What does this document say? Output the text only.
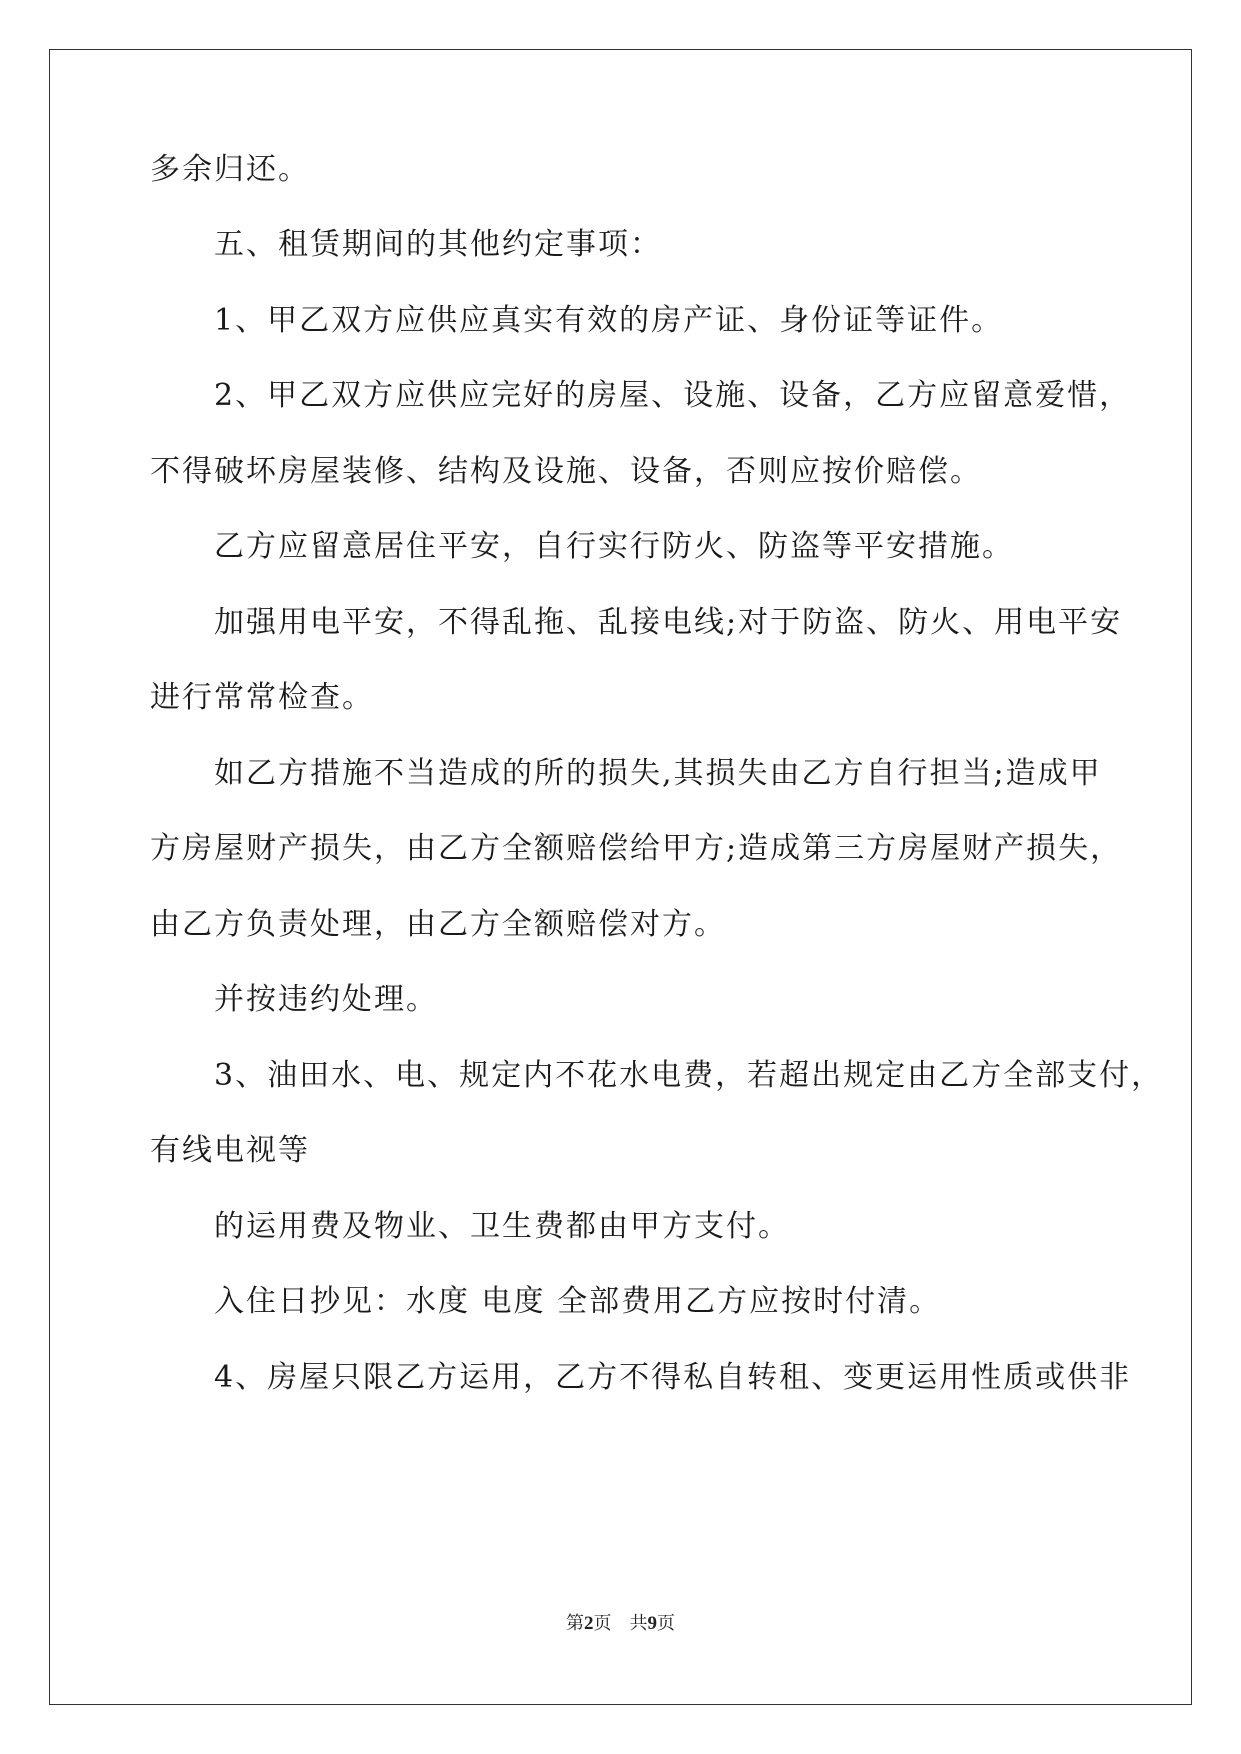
多余归还。
五、租赁期间的其他约定事项：
1、甲乙双方应供应真实有效的房产证、身份证等证件。
2、甲乙双方应供应完好的房屋、设施、设备，乙方应留意爱惜，
不得破坏房屋装修、结构及设施、设备，否则应按价赔偿。
乙方应留意居住平安，自行实行防火、防盗等平安措施。
加强用电平安，不得乱拖、乱接电线;对于防盗、防火、用电平安
进行常常检查。
如乙方措施不当造成的所的损失,其损失由乙方自行担当;造成甲
方房屋财产损失，由乙方全额赔偿给甲方;造成第三方房屋财产损失，
由乙方负责处理，由乙方全额赔偿对方。
并按违约处理。
3、油田水、电、规定内不花水电费，若超出规定由乙方全部支付，
有线电视等
的运用费及物业、卫生费都由甲方支付。
入住日抄见：水度 电度 全部费用乙方应按时付清。
4、房屋只限乙方运用，乙方不得私自转租、变更运用性质或供非
第2页 共9页
